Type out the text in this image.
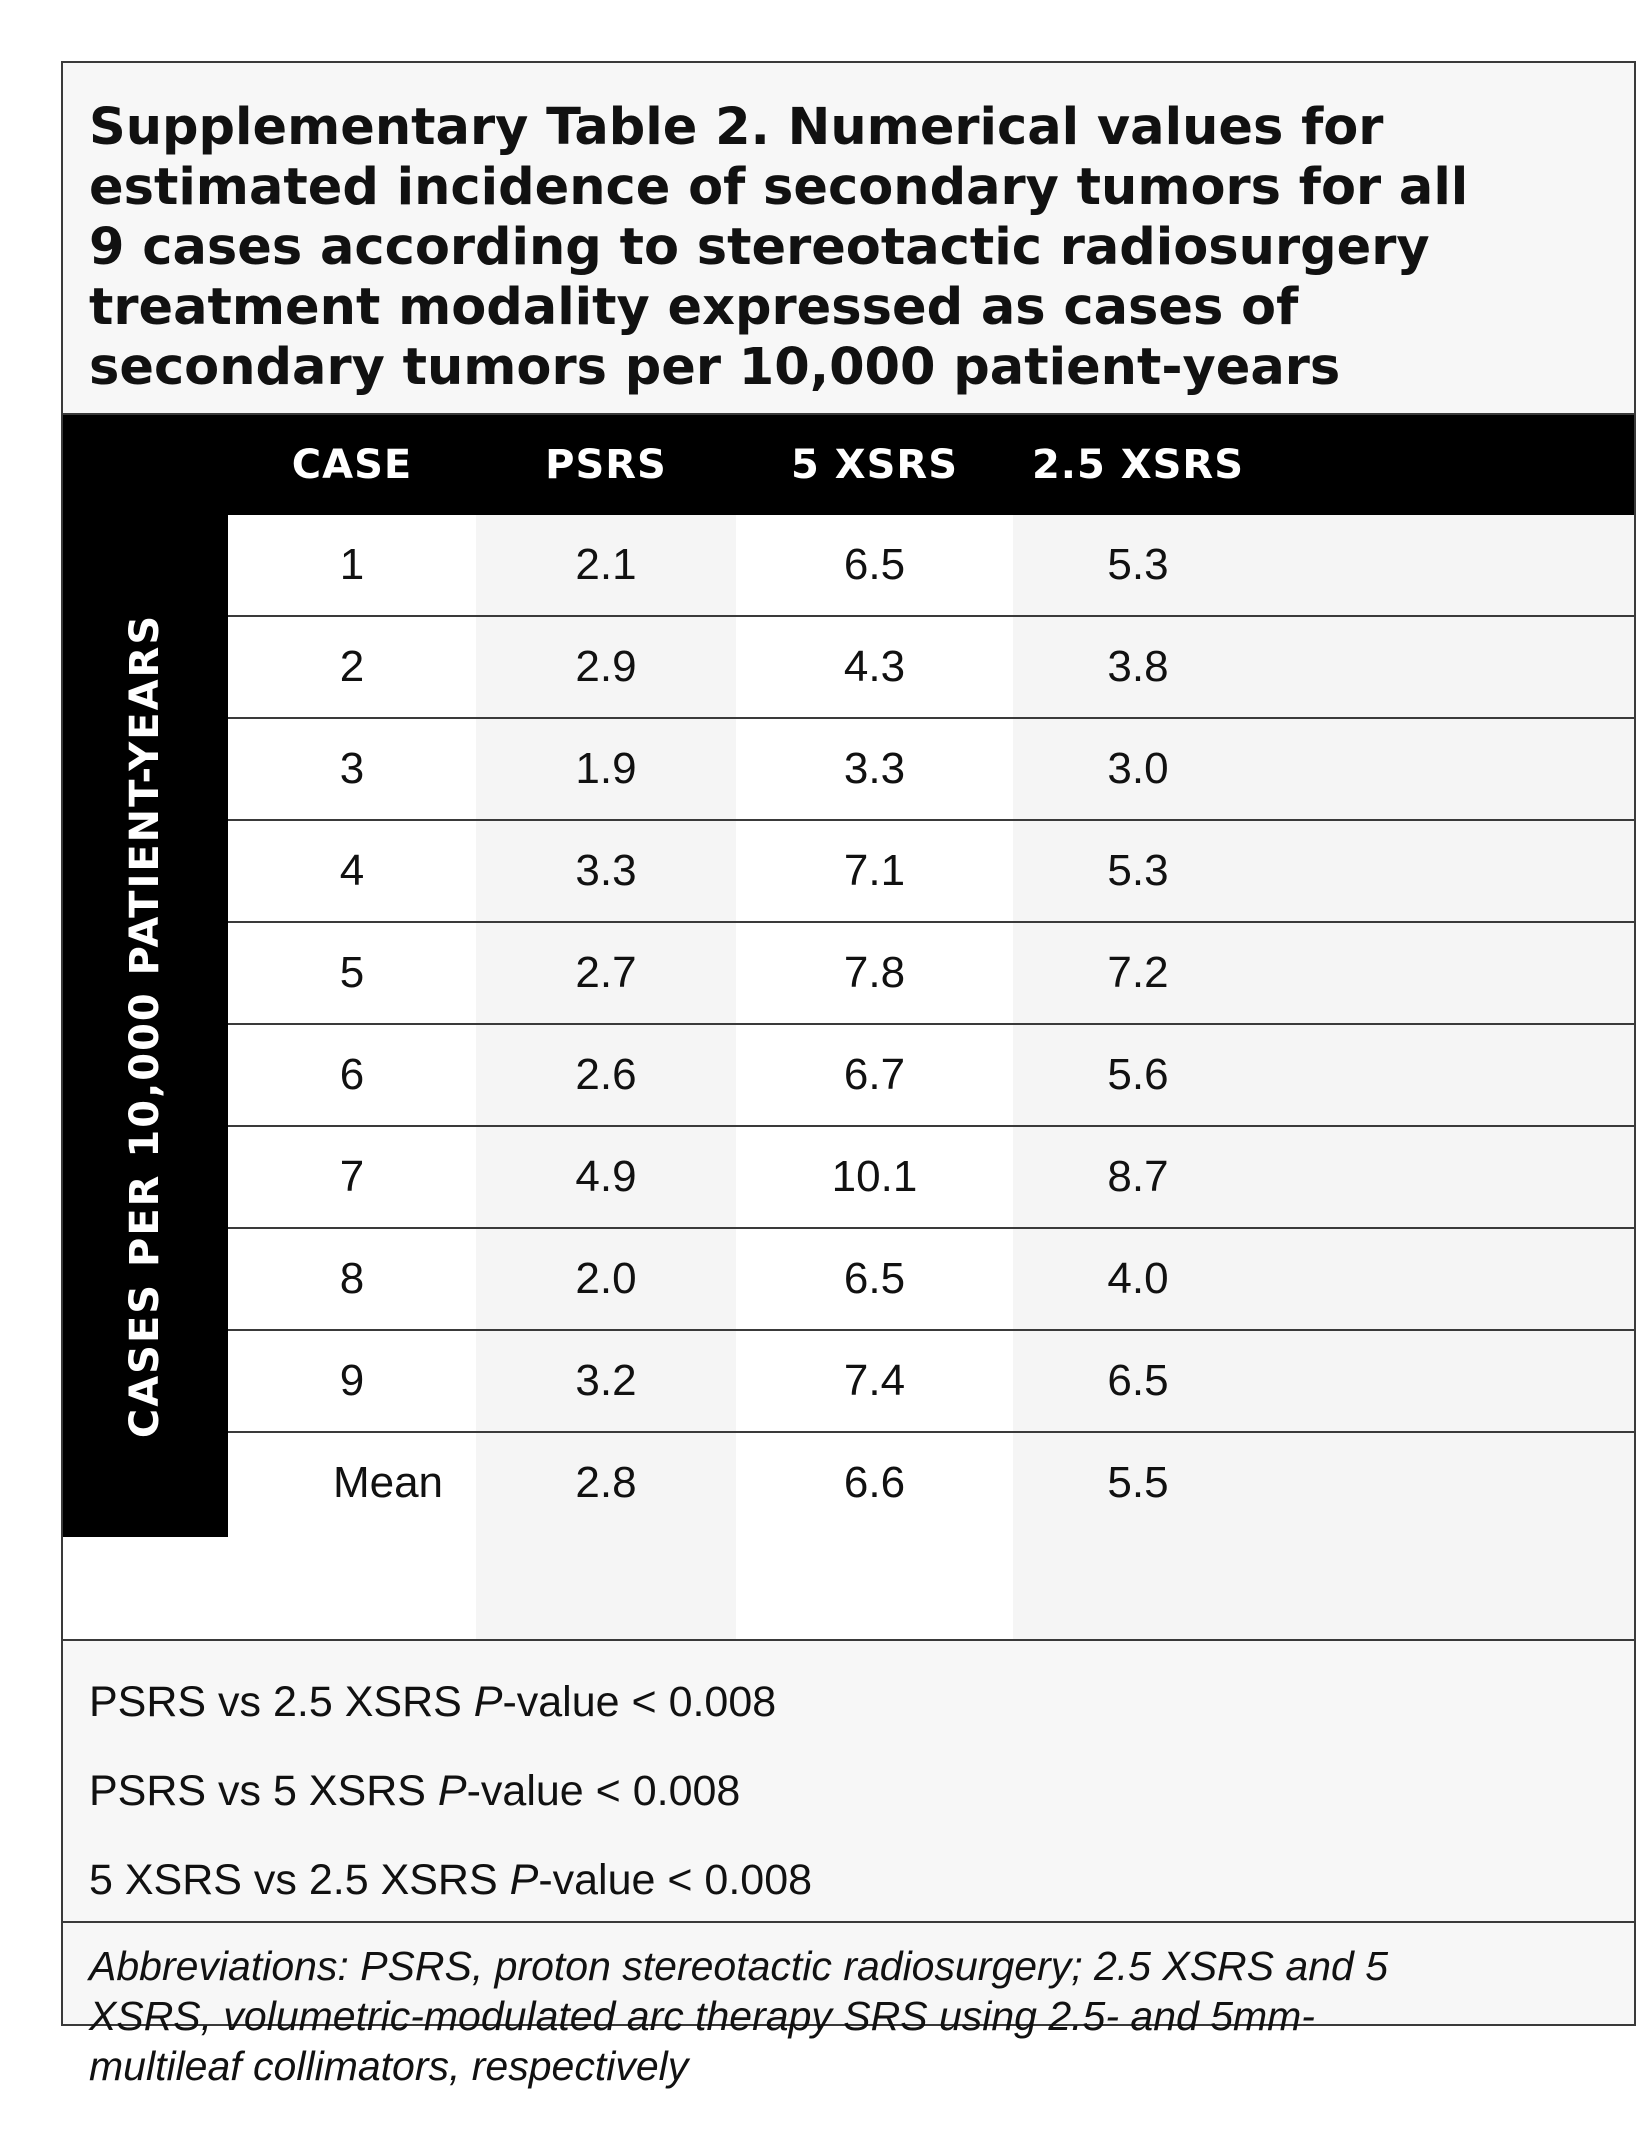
Supplementary Table 2. Numerical values for
estimated incidence of secondary tumors for all
9 cases according to stereotactic radiosurgery
treatment modality expressed as cases of
secondary tumors per 10,000 patient-years
CASE	PSRS	5 XSRS	2.5 XSRS
CASES PER 10,000 PATIENT-YEARS
1	2.1	6.5	5.3
2	2.9	4.3	3.8
3	1.9	3.3	3.0
4	3.3	7.1	5.3
5	2.7	7.8	7.2
6	2.6	6.7	5.6
7	4.9	10.1	8.7
8	2.0	6.5	4.0
9	3.2	7.4	6.5
Mean	2.8	6.6	5.5
PSRS vs 2.5 XSRS P-value < 0.008
PSRS vs 5 XSRS P-value < 0.008
5 XSRS vs 2.5 XSRS P-value < 0.008
Abbreviations: PSRS, proton stereotactic radiosurgery; 2.5 XSRS and 5
XSRS, volumetric-modulated arc therapy SRS using 2.5- and 5mm-
multileaf collimators, respectively
